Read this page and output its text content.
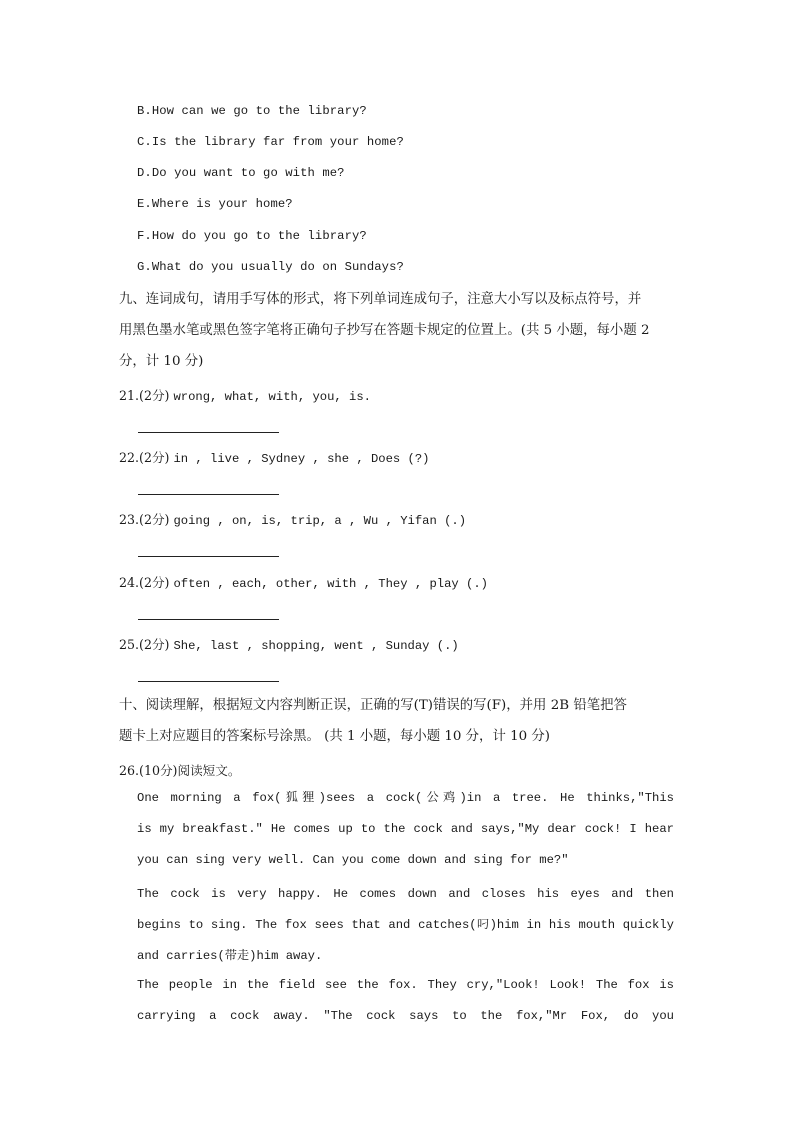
B.How can we go to the library?
C.Is the library far from your home?
D.Do you want to go with me?
E.Where is your home?
F.How do you go to the library?
G.What do you usually do on Sundays?
九、连词成句，请用手写体的形式，将下列单词连成句子，注意大小写以及标点符号，并
用黑色墨水笔或黑色签字笔将正确句子抄写在答题卡规定的位置上。(共 5 小题，每小题 2
分，计 10 分)
21.(2分) wrong, what, with, you, is.
22.(2分) in , live , Sydney , she , Does (?)
23.(2分) going , on, is, trip, a , Wu , Yifan (.)
24.(2分) often , each, other, with , They , play (.)
25.(2分) She, last , shopping, went , Sunday (.)
十、阅读理解，根据短文内容判断正误，正确的写(T)错误的写(F)，并用 2B 铅笔把答
题卡上对应题目的答案标号涂黑。 (共 1 小题，每小题 10 分，计 10 分)
26.(10分)阅读短文。
One morning a fox(狐狸)sees a cock(公鸡)in a tree. He thinks,"This
is my breakfast." He comes up to the cock and says,"My dear cock! I hear
you can sing very well. Can you come down and sing for me?"
The cock is very happy. He comes down and closes his eyes and then
begins to sing. The fox sees that and catches(叼)him in his mouth quickly
and carries(带走)him away.
The people in the field see the fox. They cry,"Look! Look! The fox is
carrying a cock away. "The cock says to the fox,"Mr Fox, do you
